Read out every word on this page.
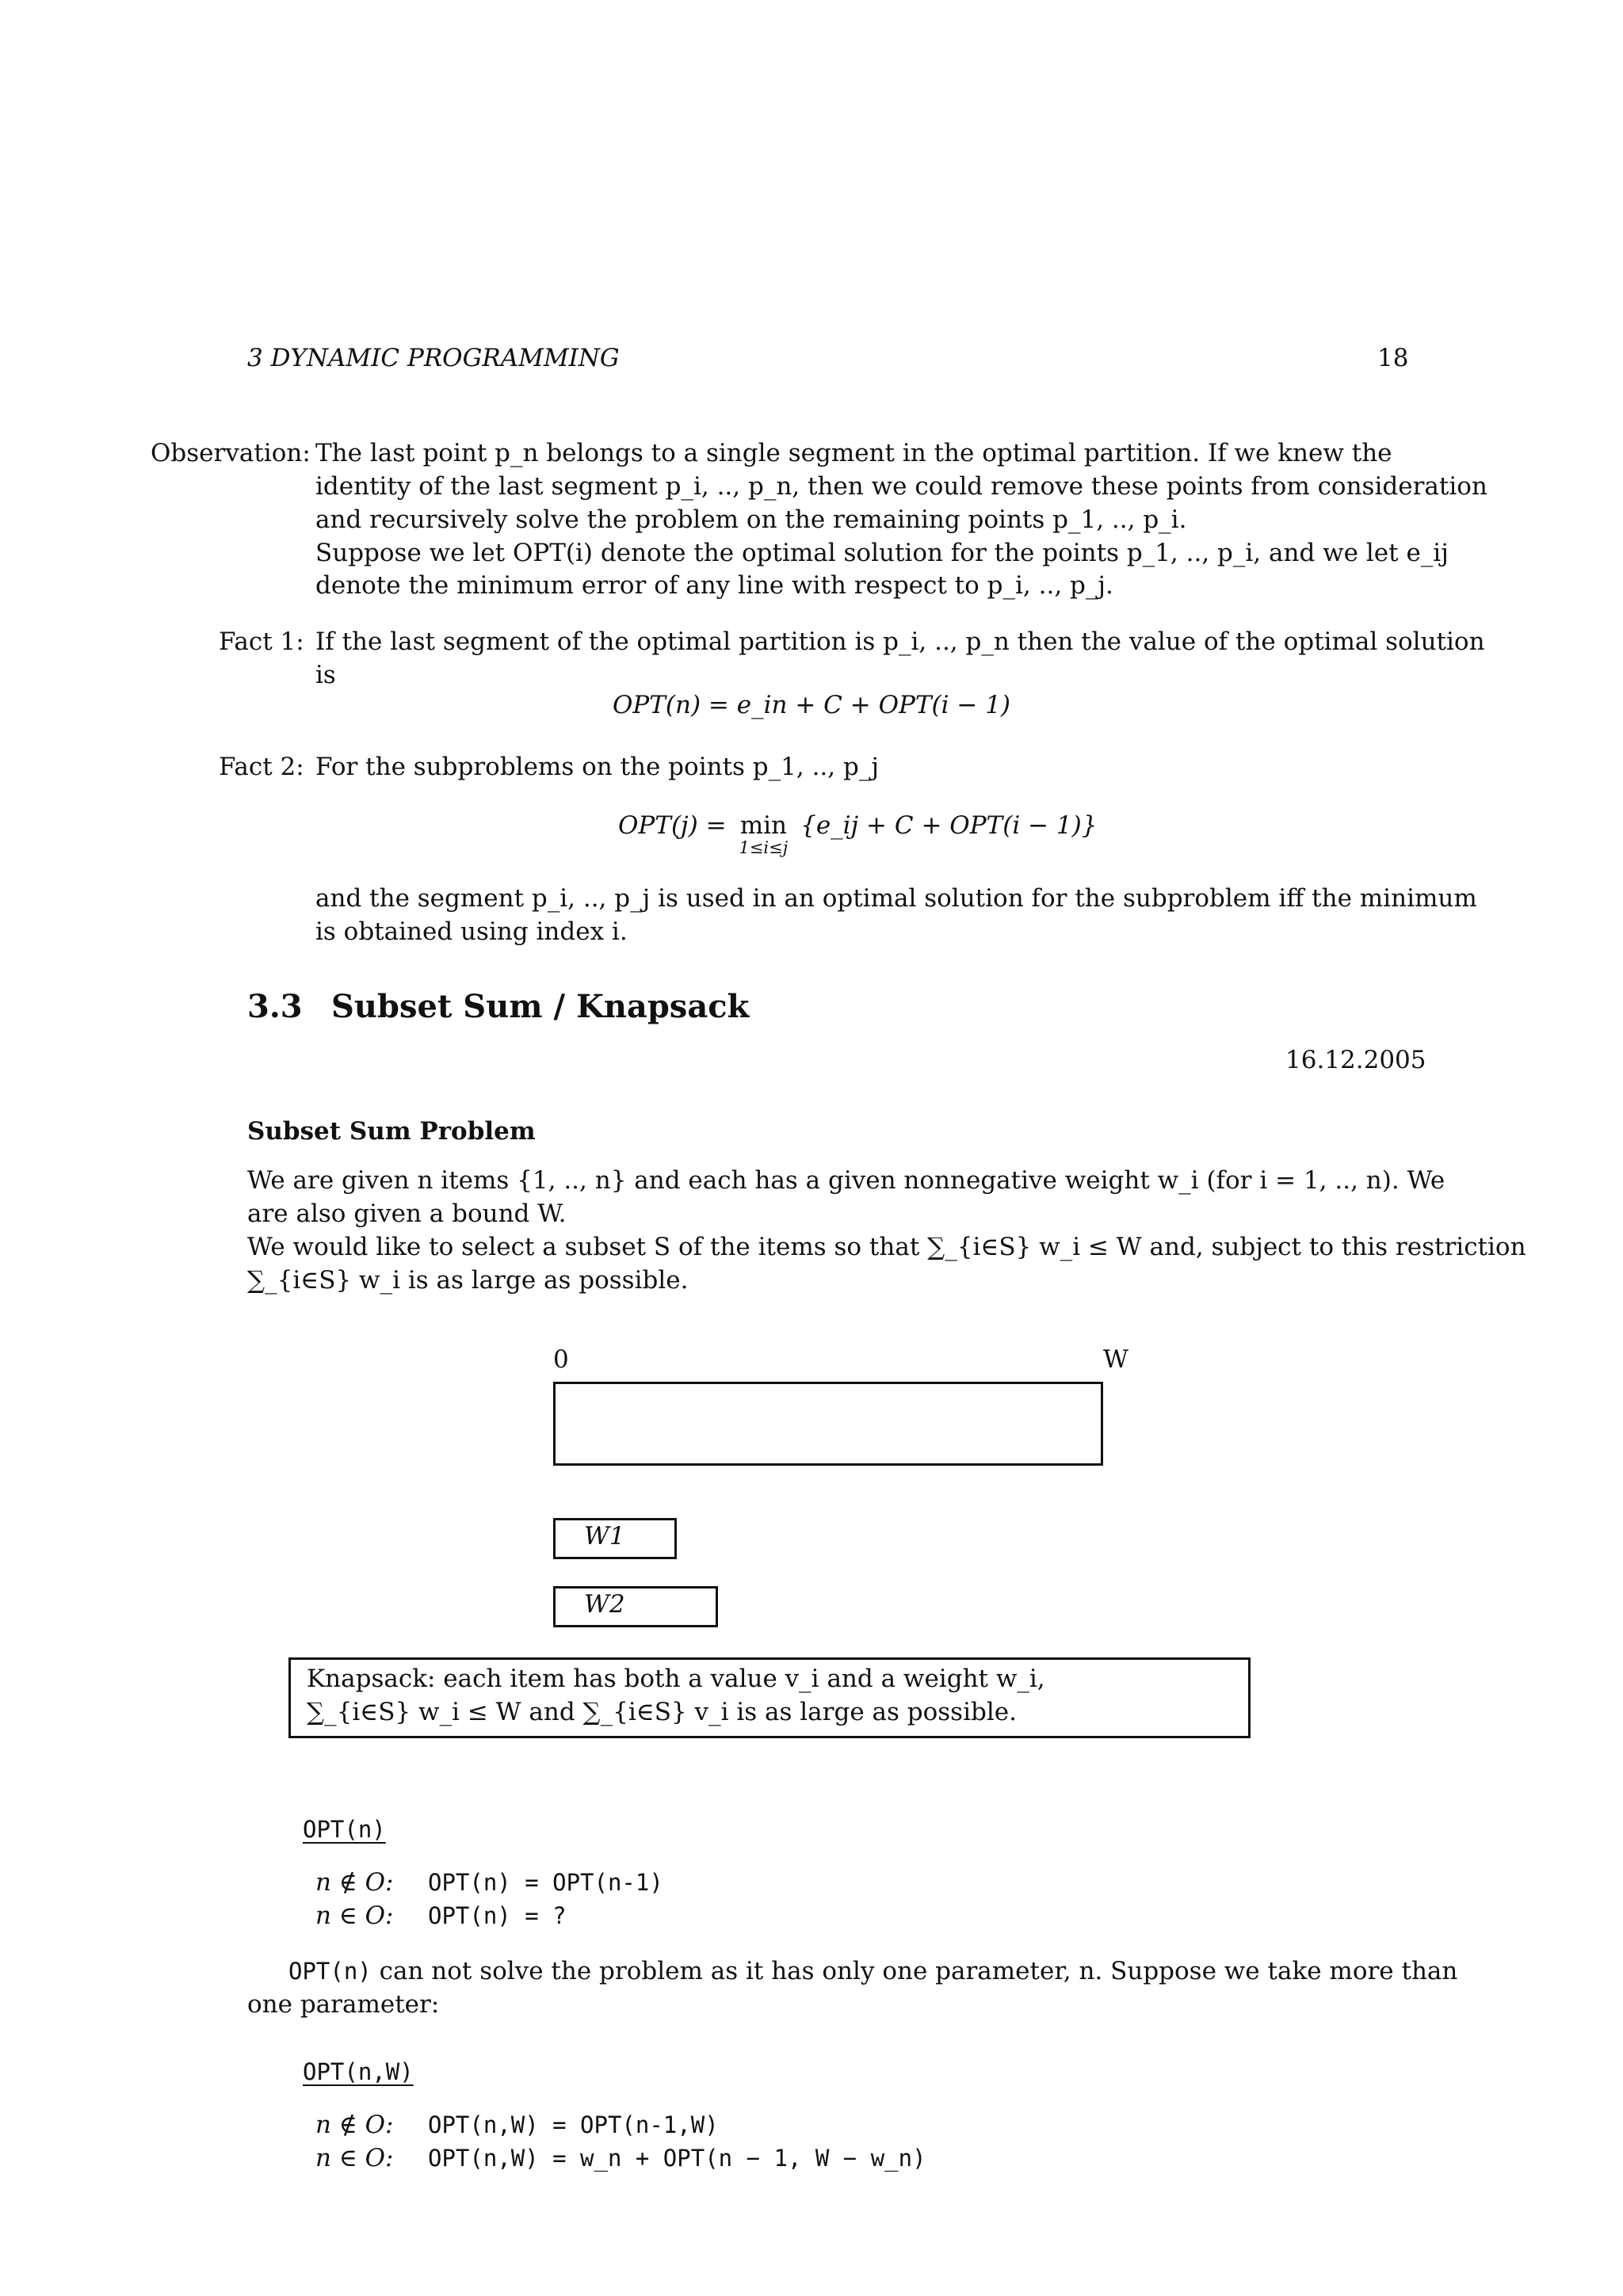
3 DYNAMIC PROGRAMMING	18
Observation: The last point p_n belongs to a single segment in the optimal partition. If we knew the
identity of the last segment p_i, .., p_n, then we could remove these points from consideration
and recursively solve the problem on the remaining points p_1, .., p_i.
Suppose we let OPT(i) denote the optimal solution for the points p_1, .., p_i, and we let e_ij
denote the minimum error of any line with respect to p_i, .., p_j.
Fact 1: If the last segment of the optimal partition is p_i, .., p_n then the value of the optimal solution
is
OPT(n) = e_in + C + OPT(i − 1)
Fact 2: For the subproblems on the points p_1, .., p_j
OPT(j) = min
1≤i≤j
{e_ij + C + OPT(i − 1)}
and the segment p_i, .., p_j is used in an optimal solution for the subproblem iff the minimum
is obtained using index i.
3.3 Subset Sum / Knapsack
16.12.2005
Subset Sum Problem
We are given n items {1, .., n} and each has a given nonnegative weight w_i (for i = 1, .., n). We
are also given a bound W.
We would like to select a subset S of the items so that ∑_{i∈S} w_i ≤ W and, subject to this restriction
∑_{i∈S} w_i is as large as possible.
0	W
W1
W2
Knapsack: each item has both a value v_i and a weight w_i,
∑_{i∈S} w_i ≤ W and ∑_{i∈S} v_i is as large as possible.
OPT(n)
n ∉ O: OPT(n) = OPT(n-1)
n ∈ O: OPT(n) = ?
OPT(n) can not solve the problem as it has only one parameter, n. Suppose we take more than
one parameter:
OPT(n,W)
n ∉ O: OPT(n,W) = OPT(n-1,W)
n ∈ O: OPT(n,W) = w_n + OPT(n − 1, W − w_n)
